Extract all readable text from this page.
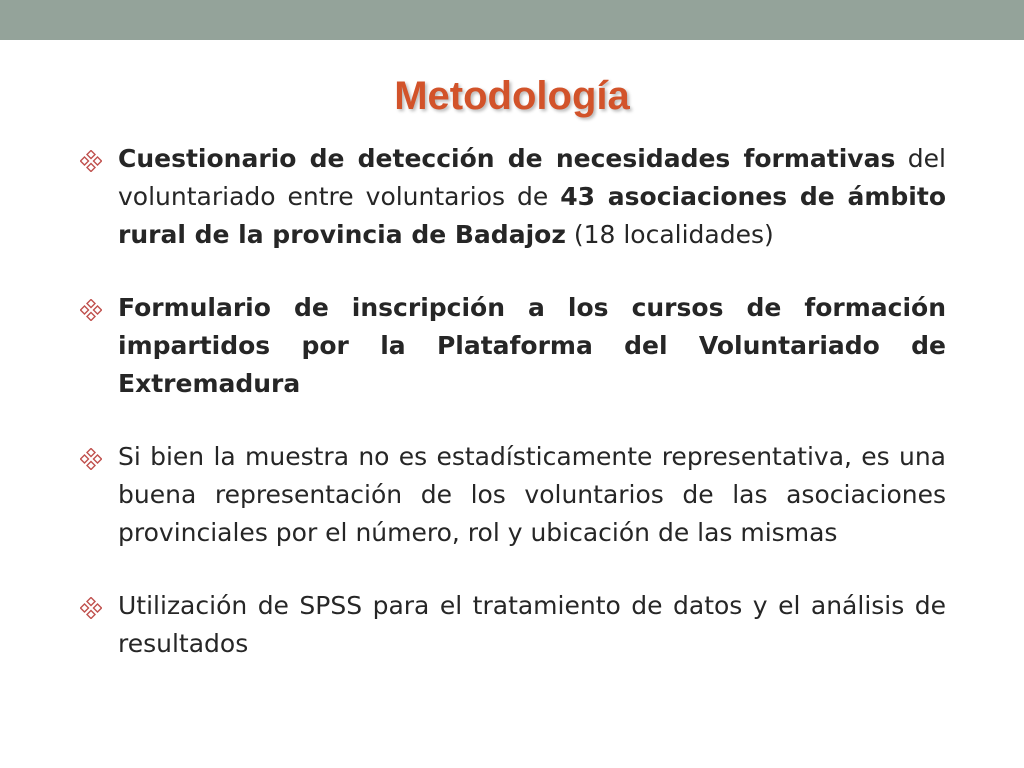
Metodología
Cuestionario de detección de necesidades formativas del voluntariado entre voluntarios de 43 asociaciones de ámbito rural de la provincia de Badajoz (18 localidades)
Formulario de inscripción a los cursos de formación impartidos por la Plataforma del Voluntariado de Extremadura
Si bien la muestra no es estadísticamente representativa, es una buena representación de los voluntarios de las asociaciones provinciales por el número, rol y ubicación de las mismas
Utilización de SPSS para el tratamiento de datos y el análisis de resultados
